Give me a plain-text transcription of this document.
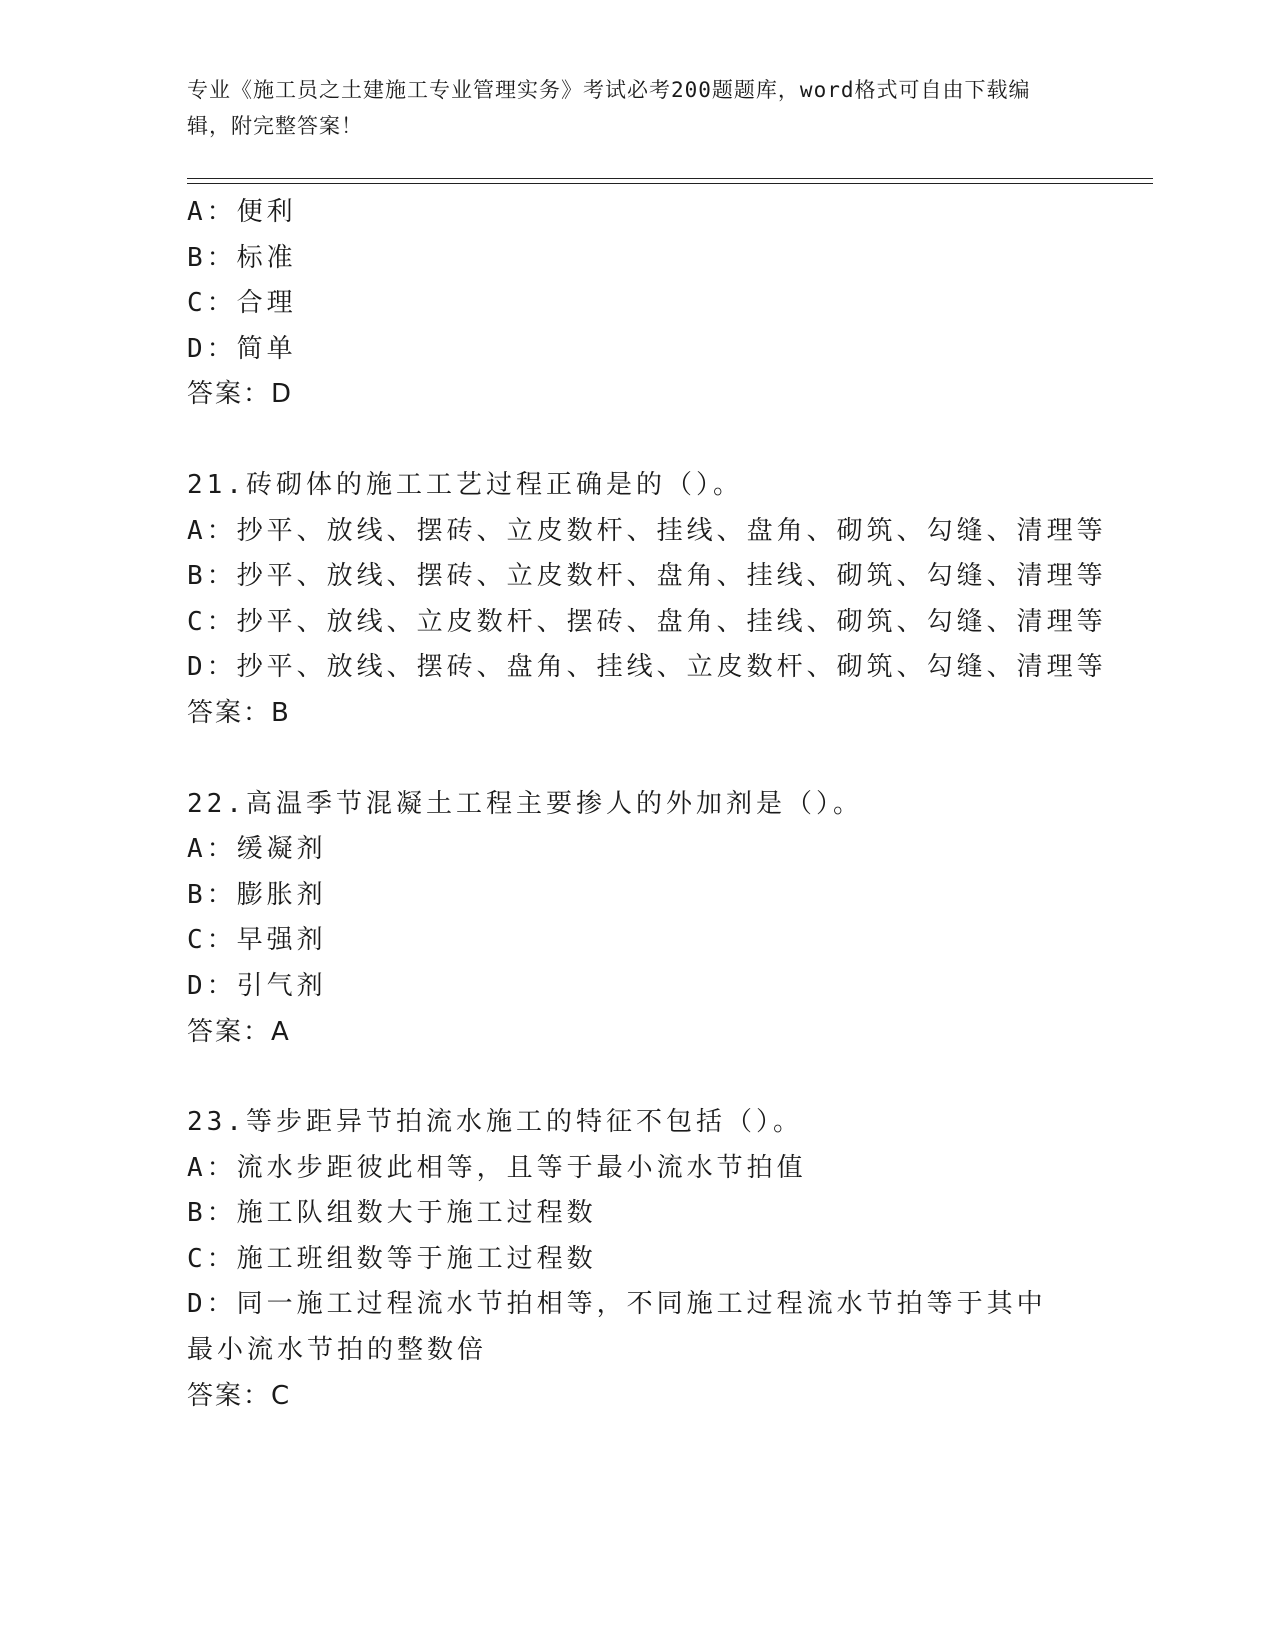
专业《施工员之土建施工专业管理实务》考试必考200题题库，word格式可自由下载编辑，附完整答案！
A：便利
B：标准
C：合理
D：简单
答案：D
21.砖砌体的施工工艺过程正确是的（）。
A：抄平、放线、摆砖、立皮数杆、挂线、盘角、砌筑、勾缝、清理等
B：抄平、放线、摆砖、立皮数杆、盘角、挂线、砌筑、勾缝、清理等
C：抄平、放线、立皮数杆、摆砖、盘角、挂线、砌筑、勾缝、清理等
D：抄平、放线、摆砖、盘角、挂线、立皮数杆、砌筑、勾缝、清理等
答案：B
22.高温季节混凝土工程主要掺人的外加剂是（）。
A：缓凝剂
B：膨胀剂
C：早强剂
D：引气剂
答案：A
23.等步距异节拍流水施工的特征不包括（）。
A：流水步距彼此相等，且等于最小流水节拍值
B：施工队组数大于施工过程数
C：施工班组数等于施工过程数
D：同一施工过程流水节拍相等，不同施工过程流水节拍等于其中最小流水节拍的整数倍
答案：C
